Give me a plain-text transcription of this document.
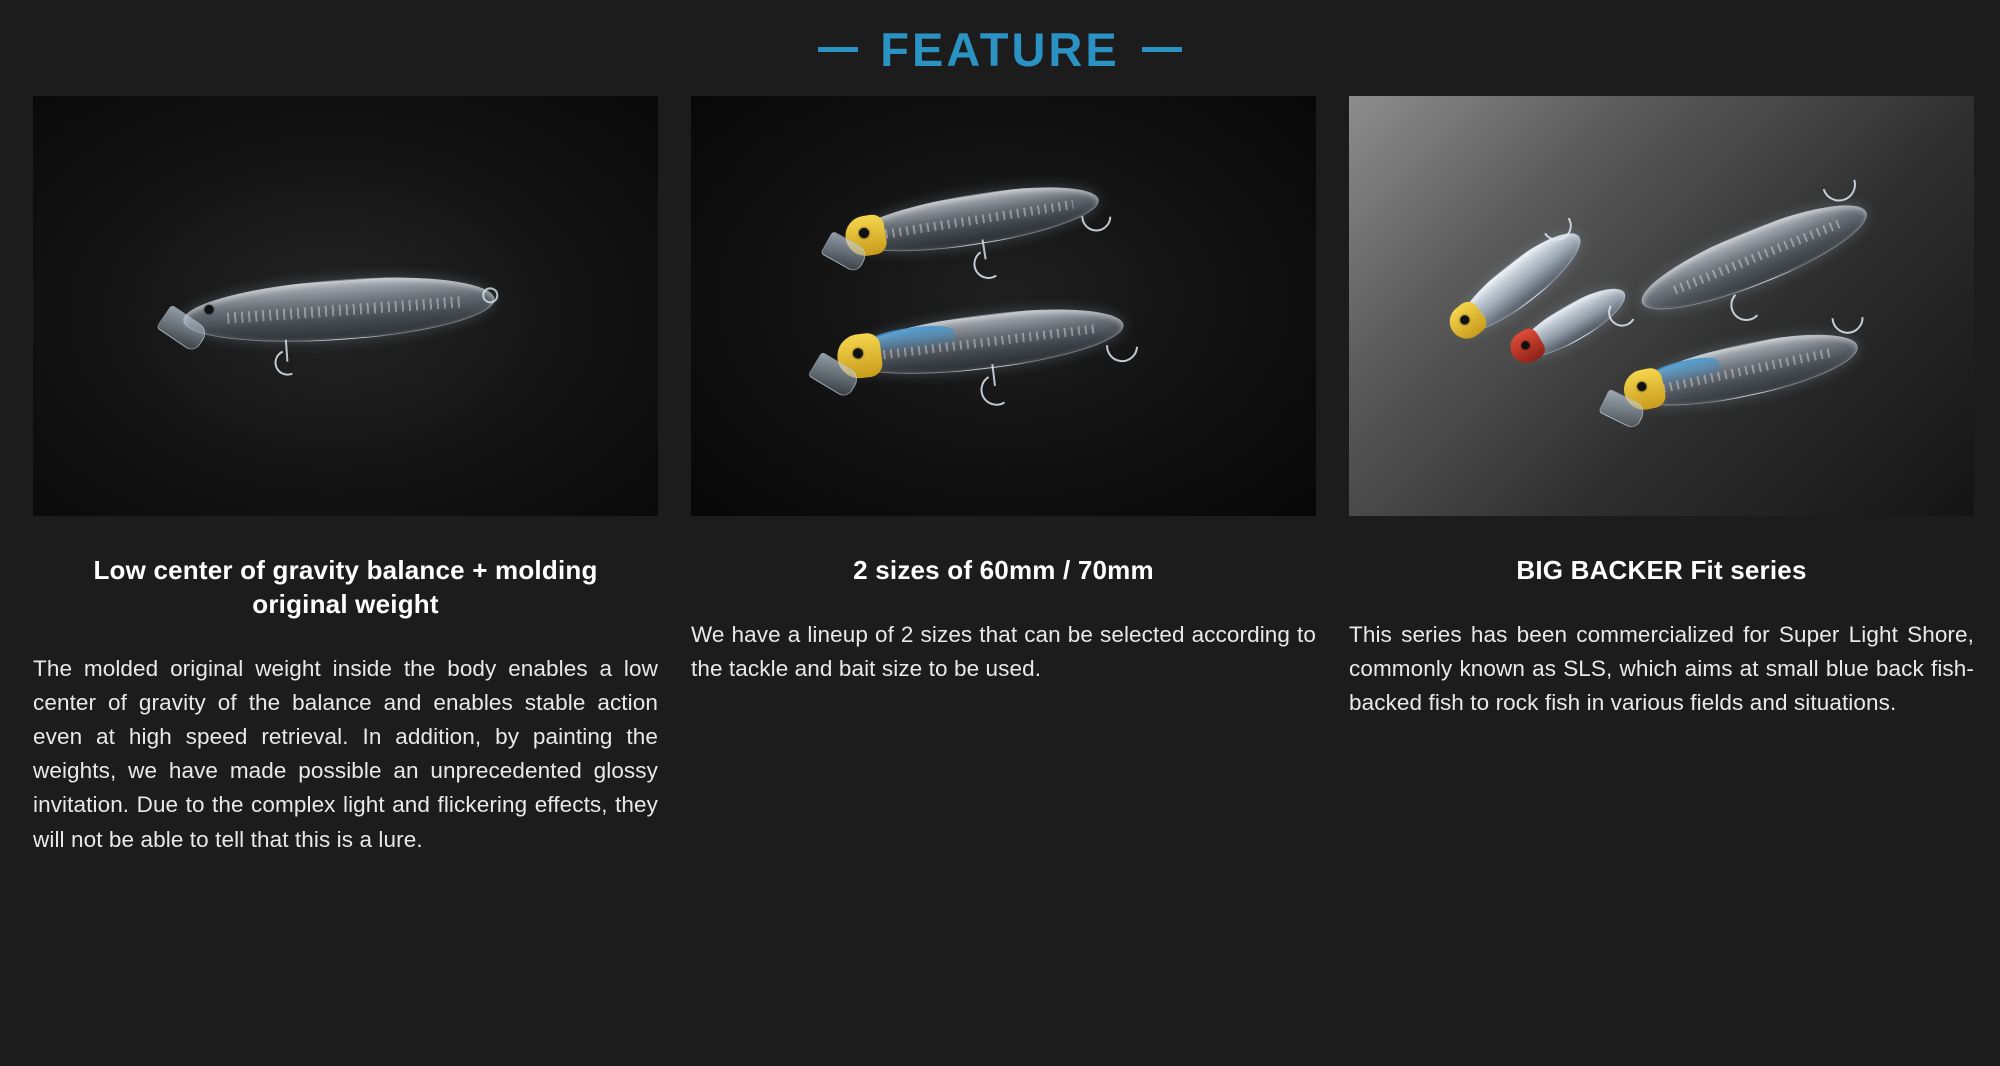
FEATURE
Low center of gravity balance + molding original weight
The molded original weight inside the body enables a low center of gravity of the balance and enables stable action even at high speed retrieval. In addition, by painting the weights, we have made possible an unprecedented glossy invitation. Due to the complex light and flickering effects, they will not be able to tell that this is a lure.
2 sizes of 60mm / 70mm
We have a lineup of 2 sizes that can be selected according to the tackle and bait size to be used.
BIG BACKER Fit series
This series has been commercialized for Super Light Shore, commonly known as SLS, which aims at small blue back fish-backed fish to rock fish in various fields and situations.
